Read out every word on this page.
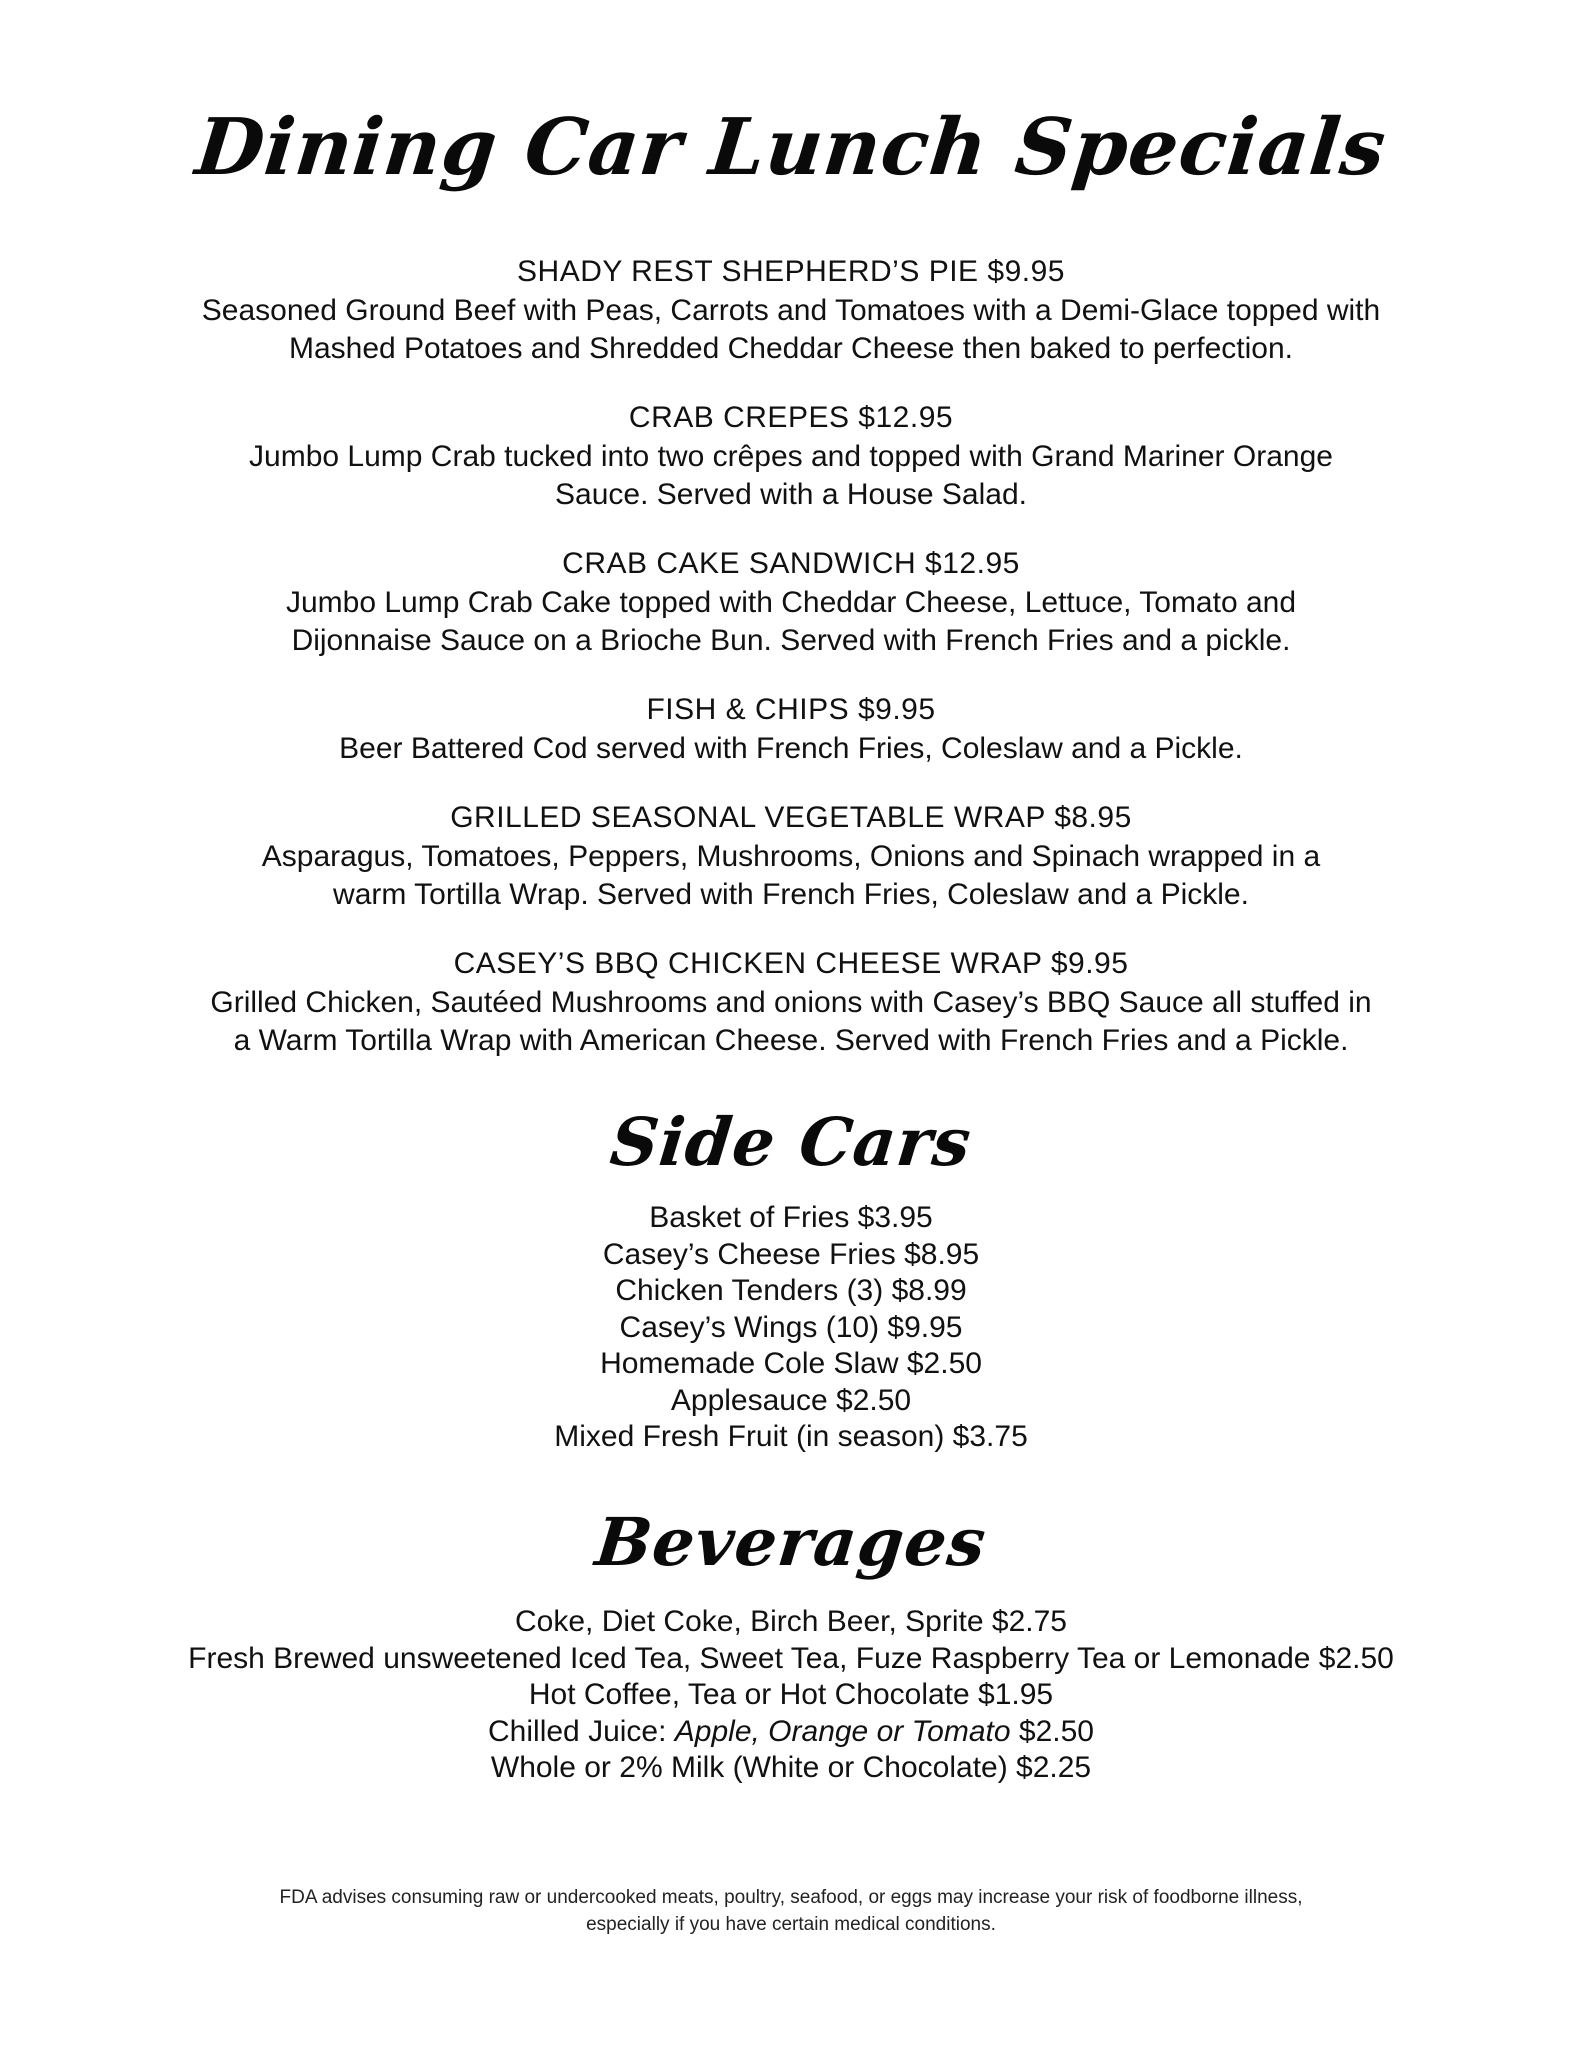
Dining Car Lunch Specials
SHADY REST SHEPHERD’S PIE $9.95
Seasoned Ground Beef with Peas, Carrots and Tomatoes with a Demi-Glace topped with
Mashed Potatoes and Shredded Cheddar Cheese then baked to perfection.
CRAB CREPES $12.95
Jumbo Lump Crab tucked into two crêpes and topped with Grand Mariner Orange
Sauce. Served with a House Salad.
CRAB CAKE SANDWICH $12.95
Jumbo Lump Crab Cake topped with Cheddar Cheese, Lettuce, Tomato and
Dijonnaise Sauce on a Brioche Bun. Served with French Fries and a pickle.
FISH & CHIPS $9.95
Beer Battered Cod served with French Fries, Coleslaw and a Pickle.
GRILLED SEASONAL VEGETABLE WRAP $8.95
Asparagus, Tomatoes, Peppers, Mushrooms, Onions and Spinach wrapped in a
warm Tortilla Wrap. Served with French Fries, Coleslaw and a Pickle.
CASEY’S BBQ CHICKEN CHEESE WRAP $9.95
Grilled Chicken, Sautéed Mushrooms and onions with Casey’s BBQ Sauce all stuffed in
a Warm Tortilla Wrap with American Cheese. Served with French Fries and a Pickle.
Side Cars
Basket of Fries $3.95
Casey’s Cheese Fries $8.95
Chicken Tenders (3) $8.99
Casey’s Wings (10) $9.95
Homemade Cole Slaw $2.50
Applesauce $2.50
Mixed Fresh Fruit (in season) $3.75
Beverages
Coke, Diet Coke, Birch Beer, Sprite $2.75
Fresh Brewed unsweetened Iced Tea, Sweet Tea, Fuze Raspberry Tea or Lemonade $2.50
Hot Coffee, Tea or Hot Chocolate $1.95
Chilled Juice: Apple, Orange or Tomato $2.50
Whole or 2% Milk (White or Chocolate) $2.25
FDA advises consuming raw or undercooked meats, poultry, seafood, or eggs may increase your risk of foodborne illness,
especially if you have certain medical conditions.
